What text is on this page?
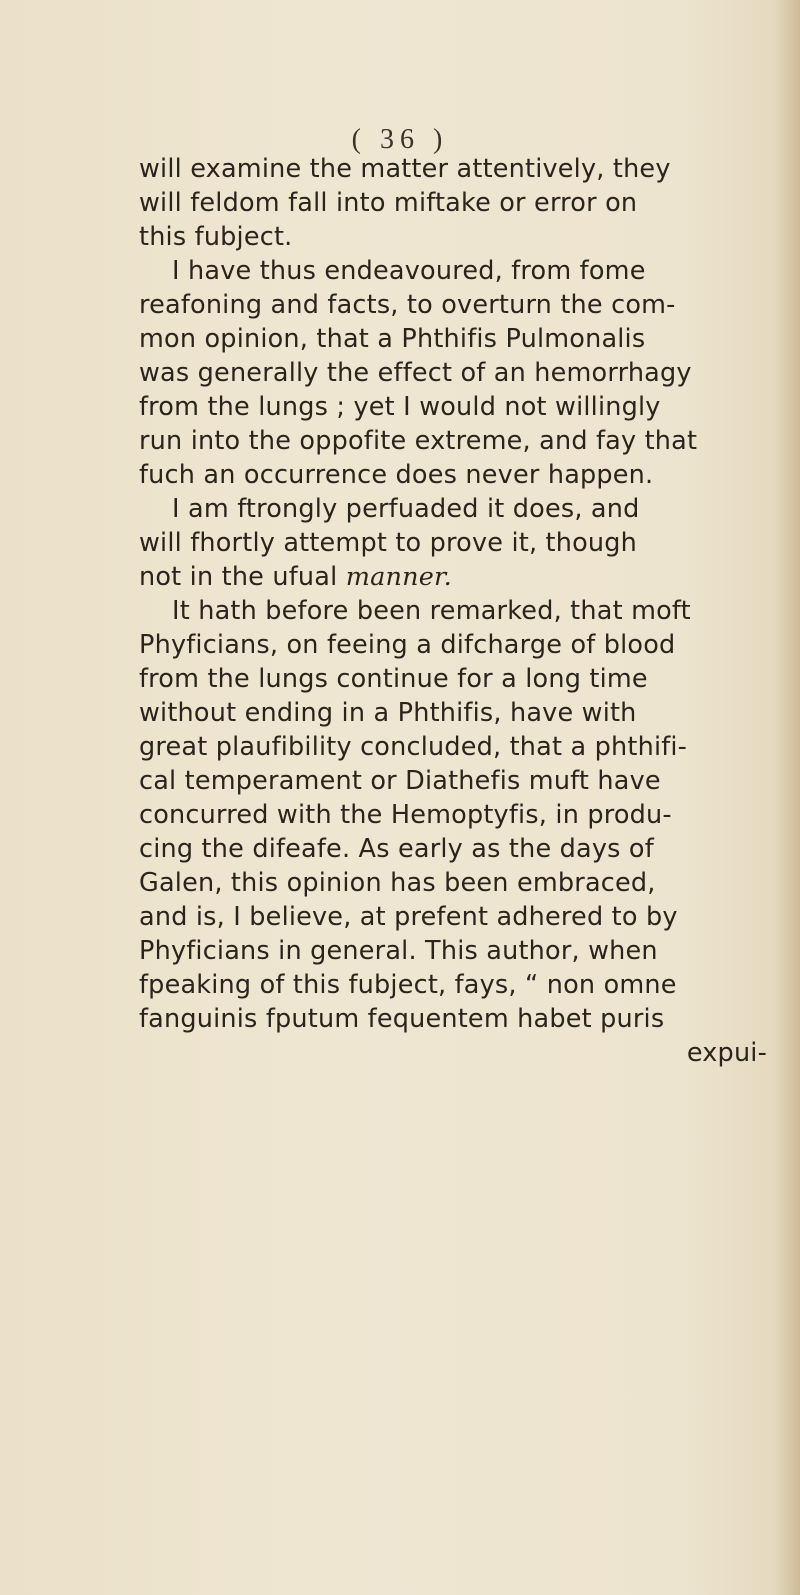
( 36 )
will examine the matter attentively, they
will feldom fall into miftake or error on
this fubject.
I have thus endeavoured, from fome
reafoning and facts, to overturn the com-
mon opinion, that a Phthifis Pulmonalis
was generally the effect of an hemorrhagy
from the lungs ; yet I would not willingly
run into the oppofite extreme, and fay that
fuch an occurrence does never happen.
I am ftrongly perfuaded it does, and
will fhortly attempt to prove it, though
not in the ufual manner.
It hath before been remarked, that moft
Phyficians, on feeing a difcharge of blood
from the lungs continue for a long time
without ending in a Phthifis, have with
great plaufibility concluded, that a phthifi-
cal temperament or Diathefis muft have
concurred with the Hemoptyfis, in produ-
cing the difeafe. As early as the days of
Galen, this opinion has been embraced,
and is, I believe, at prefent adhered to by
Phyficians in general. This author, when
fpeaking of this fubject, fays, “ non omne
fanguinis fputum fequentem habet puris
expui-
